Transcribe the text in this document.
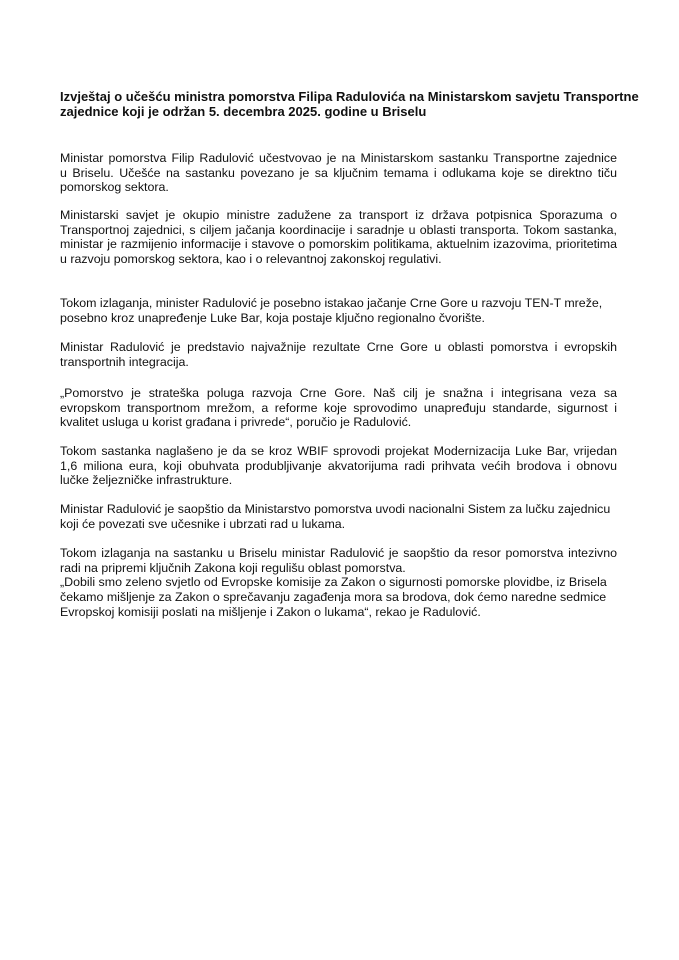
Izvještaj o učešću ministra pomorstva Filipa Radulovića na Ministarskom savjetu Transportne
zajednice koji je održan 5. decembra 2025. godine u Briselu
Ministar pomorstva Filip Radulović učestvovao je na Ministarskom sastanku Transportne zajednice
u Briselu. Učešće na sastanku povezano je sa ključnim temama i odlukama koje se direktno tiču
pomorskog sektora.
Ministarski savjet je okupio ministre zadužene za transport iz država potpisnica Sporazuma o
Transportnoj zajednici, s ciljem jačanja koordinacije i saradnje u oblasti transporta. Tokom sastanka,
ministar je razmijenio informacije i stavove o pomorskim politikama, aktuelnim izazovima, prioritetima
u razvoju pomorskog sektora, kao i o relevantnoj zakonskoj regulativi.
Tokom izlaganja, minister Radulović je posebno istakao jačanje Crne Gore u razvoju TEN-T mreže,
posebno kroz unapređenje Luke Bar, koja postaje ključno regionalno čvorište.
Ministar Radulović je predstavio najvažnije rezultate Crne Gore u oblasti pomorstva i evropskih
transportnih integracija.
„Pomorstvo je strateška poluga razvoja Crne Gore. Naš cilj je snažna i integrisana veza sa
evropskom transportnom mrežom, a reforme koje sprovodimo unapređuju standarde, sigurnost i
kvalitet usluga u korist građana i privrede“, poručio je Radulović.
Tokom sastanka naglašeno je da se kroz WBIF sprovodi projekat Modernizacija Luke Bar, vrijedan
1,6 miliona eura, koji obuhvata produbljivanje akvatorijuma radi prihvata većih brodova i obnovu
lučke željezničke infrastrukture.
Ministar Radulović je saopštio da Ministarstvo pomorstva uvodi nacionalni Sistem za lučku zajednicu
koji će povezati sve učesnike i ubrzati rad u lukama.
Tokom izlaganja na sastanku u Briselu ministar Radulović je saopštio da resor pomorstva intezivno
radi na pripremi ključnih Zakona koji regulišu oblast pomorstva.
„Dobili smo zeleno svjetlo od Evropske komisije za Zakon o sigurnosti pomorske plovidbe, iz Brisela
čekamo mišljenje za Zakon o sprečavanju zagađenja mora sa brodova, dok ćemo naredne sedmice
Evropskoj komisiji poslati na mišljenje i Zakon o lukama“, rekao je Radulović.
